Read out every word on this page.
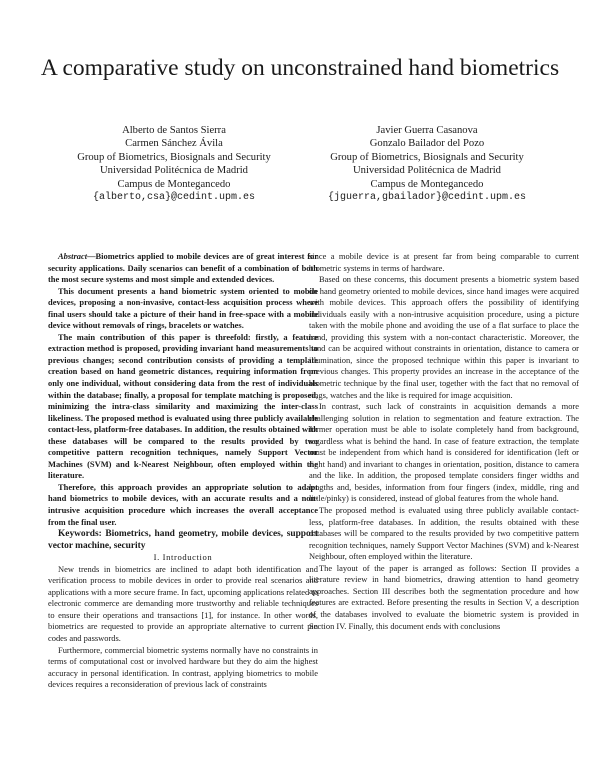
A comparative study on unconstrained hand biometrics
Alberto de Santos Sierra
Carmen Sánchez Ávila
Group of Biometrics, Biosignals and Security
Universidad Politécnica de Madrid
Campus de Montegancedo
{alberto,csa}@cedint.upm.es
Javier Guerra Casanova
Gonzalo Bailador del Pozo
Group of Biometrics, Biosignals and Security
Universidad Politécnica de Madrid
Campus de Montegancedo
{jguerra,gbailador}@cedint.upm.es

Abstract—Biometrics applied to mobile devices are of great interest for security applications. Daily scenarios can benefit of a combination of both the most secure systems and most simple and extended devices.

This document presents a hand biometric system oriented to mobile devices, proposing a non-invasive, contact-less acquisition process where final users should take a picture of their hand in free-space with a mobile device without removals of rings, bracelets or watches.

The main contribution of this paper is threefold: firstly, a feature extraction method is proposed, providing invariant hand measurements to previous changes; second contribution consists of providing a template creation based on hand geometric distances, requiring information from only one individual, without considering data from the rest of individuals within the database; finally, a proposal for template matching is proposed, minimizing the intra-class similarity and maximizing the inter-class likeliness. The proposed method is evaluated using three publicly available contact-less, platform-free databases. In addition, the results obtained with these databases will be compared to the results provided by two competitive pattern recognition techniques, namely Support Vector Machines (SVM) and k-Nearest Neighbour, often employed within the literature.

Therefore, this approach provides an appropriate solution to adapt hand biometrics to mobile devices, with an accurate results and a non-intrusive acquisition procedure which increases the overall acceptance from the final user.

Keywords: Biometrics, hand geometry, mobile devices, support vector machine, security

I. Introduction

New trends in biometrics are inclined to adapt both identification and verification process to mobile devices in order to provide real scenarios and applications with a more secure frame. In fact, upcoming applications related to electronic commerce are demanding more trustworthy and reliable techniques to ensure their operations and transactions [1], for instance. In other words, biometrics are requested to provide an appropriate alternative to current pin codes and passwords.

Furthermore, commercial biometric systems normally have no constraints in terms of computational cost or involved hardware but they do aim the highest accuracy in personal identification. In contrast, applying biometrics to mobile devices requires a reconsideration of previous lack of constraints

since a mobile device is at present far from being comparable to current biometric systems in terms of hardware.

Based on these concerns, this document presents a biometric system based on hand geometry oriented to mobile devices, since hand images were acquired with mobile devices. This approach offers the possibility of identifying individuals easily with a non-intrusive acquisition procedure, using a picture taken with the mobile phone and avoiding the use of a flat surface to place the hand, providing this system with a non-contact characteristic. Moreover, the hand can be acquired without constraints in orientation, distance to camera or illumination, since the proposed technique within this paper is invariant to previous changes. This property provides an increase in the acceptance of the biometric technique by the final user, together with the fact that no removal of rings, watches and the like is required for image acquisition.

In contrast, such lack of constraints in acquisition demands a more challenging solution in relation to segmentation and feature extraction. The former operation must be able to isolate completely hand from background, regardless what is behind the hand. In case of feature extraction, the template must be independent from which hand is considered for identification (left or right hand) and invariant to changes in orientation, position, distance to camera and the like. In addition, the proposed template considers finger widths and lengths and, besides, information from four fingers (index, middle, ring and little/pinky) is considered, instead of global features from the whole hand.

The proposed method is evaluated using three publicly available contact-less, platform-free databases. In addition, the results obtained with these databases will be compared to the results provided by two competitive pattern recognition techniques, namely Support Vector Machines (SVM) and k-Nearest Neighbour, often employed within the literature.

The layout of the paper is arranged as follows: Section II provides a literature review in hand biometrics, drawing attention to hand geometry approaches. Section III describes both the segmentation procedure and how features are extracted. Before presenting the results in Section V, a description of the databases involved to evaluate the biometric system is provided in Section IV. Finally, this document ends with conclusions
